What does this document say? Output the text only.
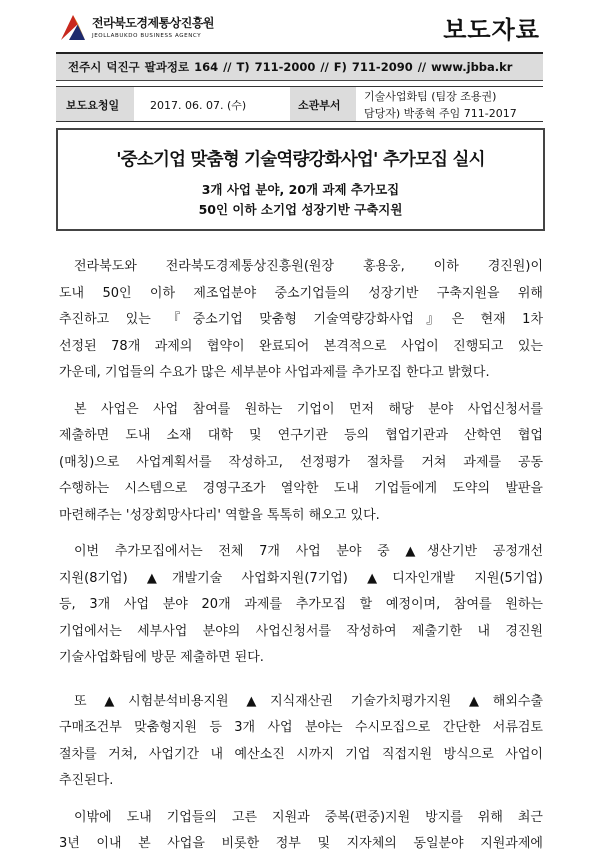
전라북도경제통상진흥원
JEOLLABUKDO BUSINESS AGENCY	보도자료
전주시 덕진구 팔과정로 164 // T) 711-2000 // F) 711-2090 // www.jbba.kr
보도요청일	2017. 06. 07. (수)	소관부서
기술사업화팀 (팀장 조용권)
담당자) 박종혁 주임 711-2017
'중소기업 맞춤형 기술역량강화사업' 추가모집 실시
3개 사업 분야, 20개 과제 추가모집
50인 이하 소기업 성장기반 구축지원
전라북도와 전라북도경제통상진흥원(원장 홍용웅, 이하 경진원)이
도내 50인 이하 제조업분야 중소기업들의 성장기반 구축지원을 위해
추진하고 있는 『중소기업 맞춤형 기술역량강화사업』은 현재 1차
선정된 78개 과제의 협약이 완료되어 본격적으로 사업이 진행되고 있는
가운데, 기업들의 수요가 많은 세부분야 사업과제를 추가모집 한다고 밝혔다.
본 사업은 사업 참여를 원하는 기업이 먼저 해당 분야 사업신청서를
제출하면 도내 소재 대학 및 연구기관 등의 협업기관과 산학연 협업
(매칭)으로 사업계획서를 작성하고, 선정평가 절차를 거쳐 과제를 공동
수행하는 시스템으로 경영구조가 열악한 도내 기업들에게 도약의 발판을
마련해주는 '성장회망사다리' 역할을 톡톡히 해오고 있다.
이번 추가모집에서는 전체 7개 사업 분야 중 ▲생산기반 공정개선
지원(8기업) ▲개발기술 사업화지원(7기업) ▲디자인개발 지원(5기업)
등, 3개 사업 분야 20개 과제를 추가모집 할 예정이며, 참여를 원하는
기업에서는 세부사업 분야의 사업신청서를 작성하여 제출기한 내 경진원
기술사업화팀에 방문 제출하면 된다.
또 ▲시험분석비용지원 ▲지식재산권 기술가치평가지원 ▲해외수출
구매조건부 맞춤형지원 등 3개 사업 분야는 수시모집으로 간단한 서류검토
절차를 거쳐, 사업기간 내 예산소진 시까지 기업 직접지원 방식으로 사업이
추진된다.
이밖에 도내 기업들의 고른 지원과 중복(편중)지원 방지를 위해 최근
3년 이내 본 사업을 비롯한 정부 및 지자체의 동일분야 지원과제에
